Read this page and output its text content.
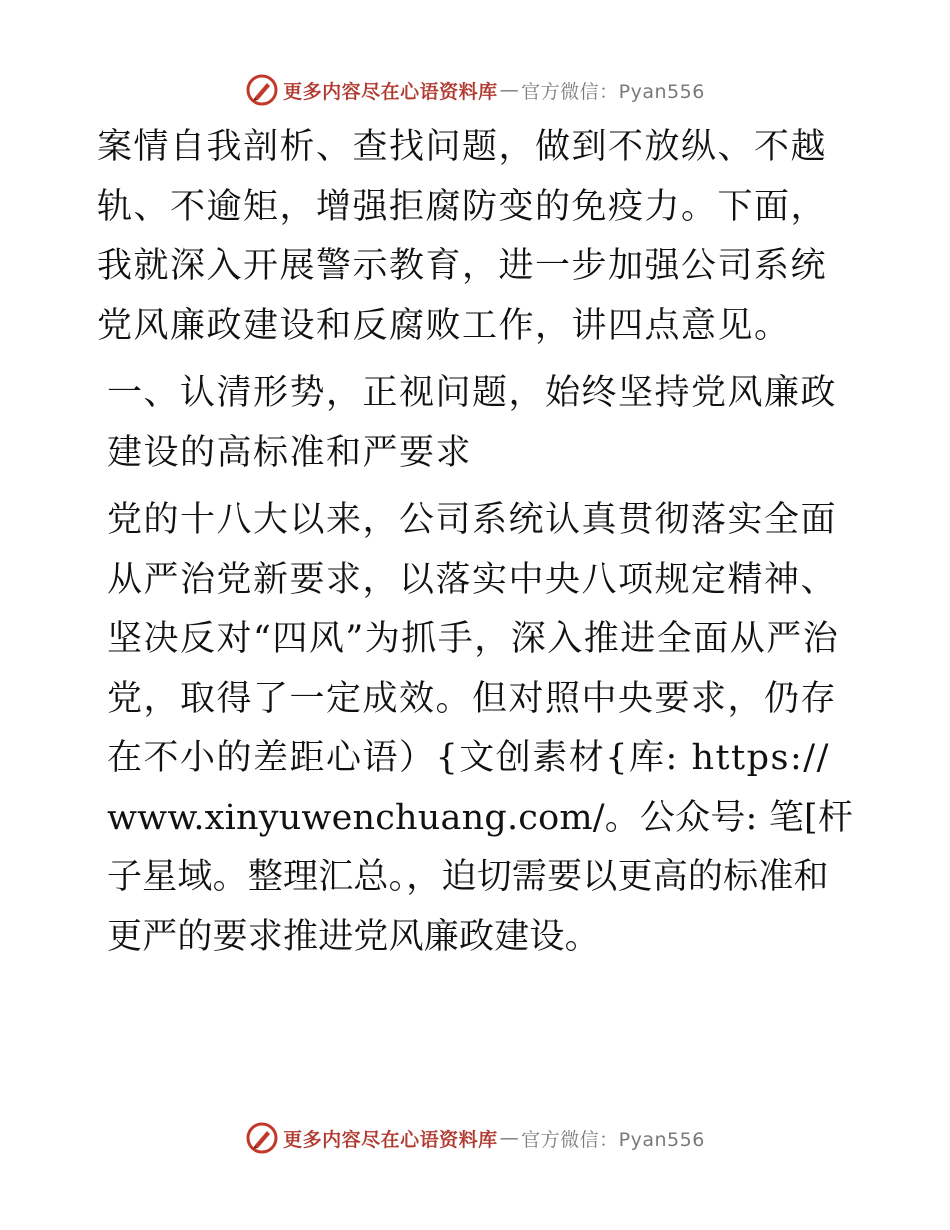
更多内容尽在心语资料库 — 官方微信：Pyan556

案情自我剖析、查找问题，做到不放纵、不越轨、不逾矩，增强拒腐防变的免疫力。下面，我就深入开展警示教育，进一步加强公司系统党风廉政建设和反腐败工作，讲四点意见。

一、认清形势，正视问题，始终坚持党风廉政建设的高标准和严要求

党的十八大以来，公司系统认真贯彻落实全面从严治党新要求，以落实中央八项规定精神、坚决反对“四风”为抓手，深入推进全面从严治党，取得了一定成效。但对照中央要求，仍存在不小的差距心语）{文创素材{库: https://www.xinyuwenchuang.com/。公众号: 笔[杆子星域。整理汇总。，迫切需要以更高的标准和更严的要求推进党风廉政建设。

更多内容尽在心语资料库 — 官方微信：Pyan556
